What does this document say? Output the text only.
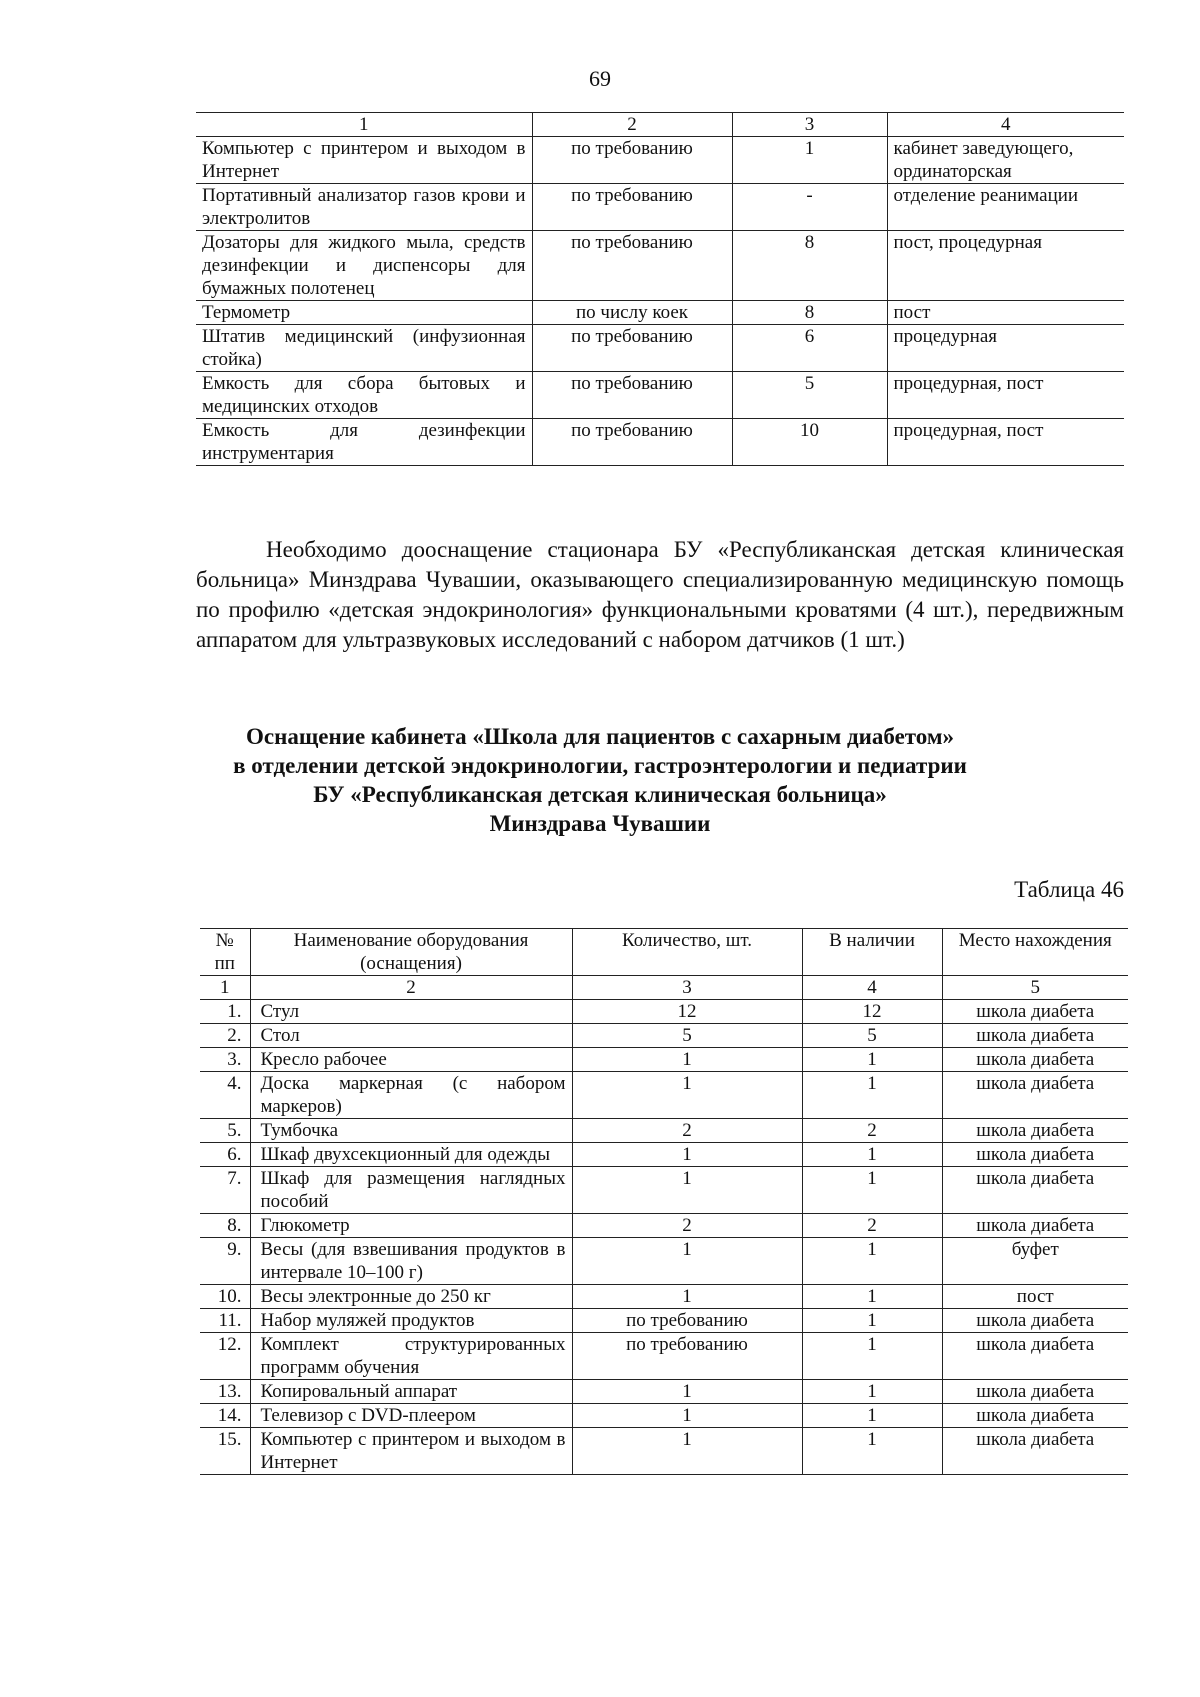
69
1	2	3	4
Компьютер с принтером и выходом в Интернет	по требованию	1	кабинет заведующего, ординаторская
Портативный анализатор газов крови и электролитов	по требованию	-	отделение реанимации
Дозаторы для жидкого мыла, средств дезинфекции и диспенсоры для бумажных полотенец	по требованию	8	пост, процедурная
Термометр	по числу коек	8	пост
Штатив медицинский (инфузионная стойка)	по требованию	6	процедурная
Емкость для сбора бытовых и медицинских отходов	по требованию	5	процедурная, пост
Емкость для дезинфекции инструментария	по требованию	10	процедурная, пост
Необходимо дооснащение стационара БУ «Республиканская детская клиническая больница» Минздрава Чувашии, оказывающего специализированную медицинскую помощь по профилю «детская эндокринология» функциональными кроватями (4 шт.), передвижным аппаратом для ультразвуковых исследований с набором датчиков (1 шт.)
Оснащение кабинета «Школа для пациентов с сахарным диабетом»
в отделении детской эндокринологии, гастроэнтерологии и педиатрии
БУ «Республиканская детская клиническая больница»
Минздрава Чувашии
Таблица 46
№ пп	Наименование оборудования (оснащения)	Количество, шт.	В наличии	Место нахождения
1	2	3	4	5
1.	Стул	12	12	школа диабета
2.	Стол	5	5	школа диабета
3.	Кресло рабочее	1	1	школа диабета
4.	Доска маркерная (с набором маркеров)	1	1	школа диабета
5.	Тумбочка	2	2	школа диабета
6.	Шкаф двухсекционный для одежды	1	1	школа диабета
7.	Шкаф для размещения наглядных пособий	1	1	школа диабета
8.	Глюкометр	2	2	школа диабета
9.	Весы (для взвешивания продуктов в интервале 10–100 г)	1	1	буфет
10.	Весы электронные до 250 кг	1	1	пост
11.	Набор муляжей продуктов	по требованию	1	школа диабета
12.	Комплект структурированных программ обучения	по требованию	1	школа диабета
13.	Копировальный аппарат	1	1	школа диабета
14.	Телевизор с DVD-плеером	1	1	школа диабета
15.	Компьютер с принтером и выходом в Интернет	1	1	школа диабета
